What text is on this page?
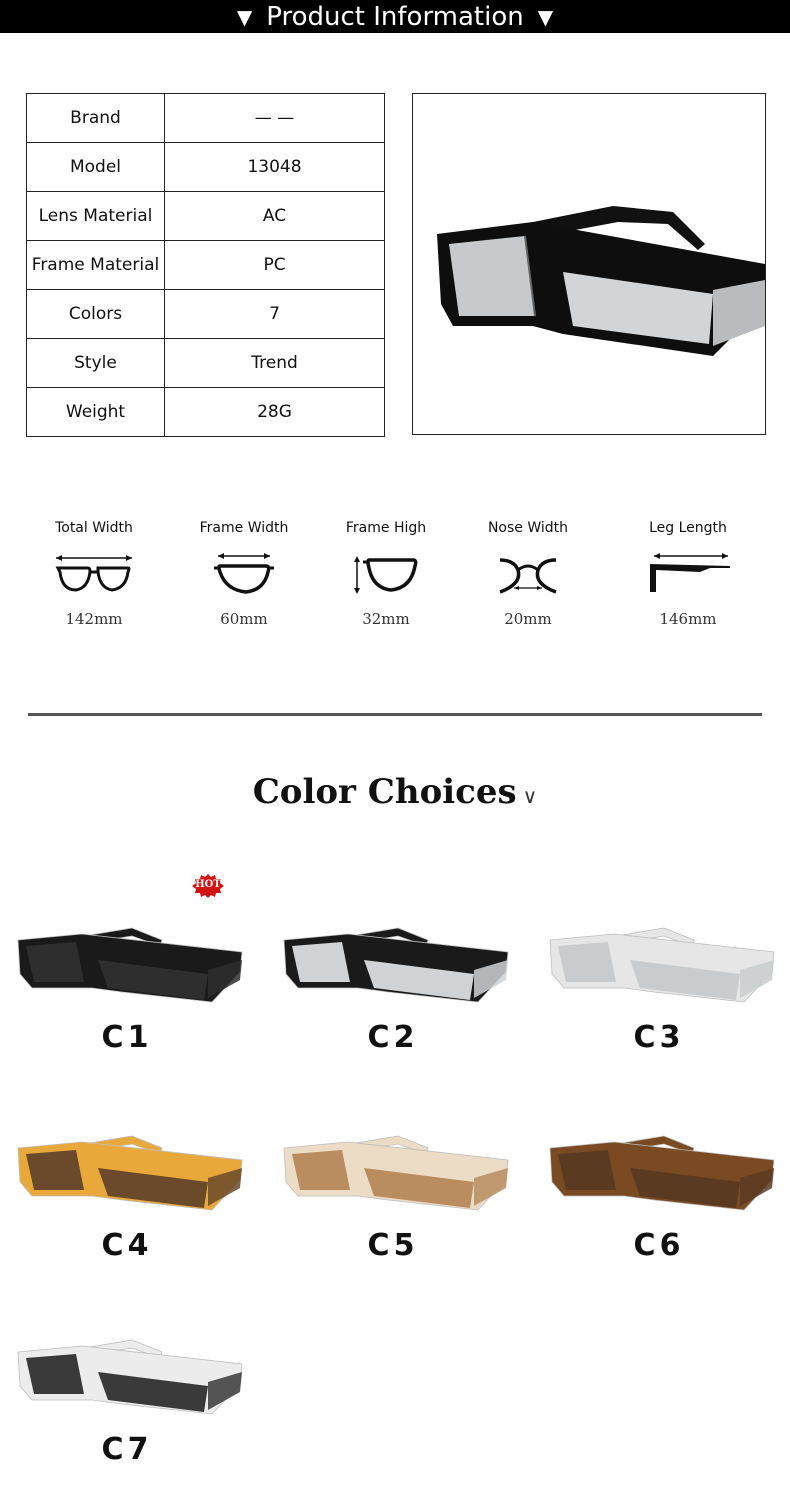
▼ Product Information ▼
Brand	— —
Model	13048
Lens Material	AC
Frame Material	PC
Colors	7
Style	Trend
Weight	28G
Total Width
142mm
Frame Width
60mm
Frame High
32mm
Nose Width
20mm
Leg Length
146mm
Color Choices ∨
HOT
C1	C2	C3
C4	C5	C6
C7
